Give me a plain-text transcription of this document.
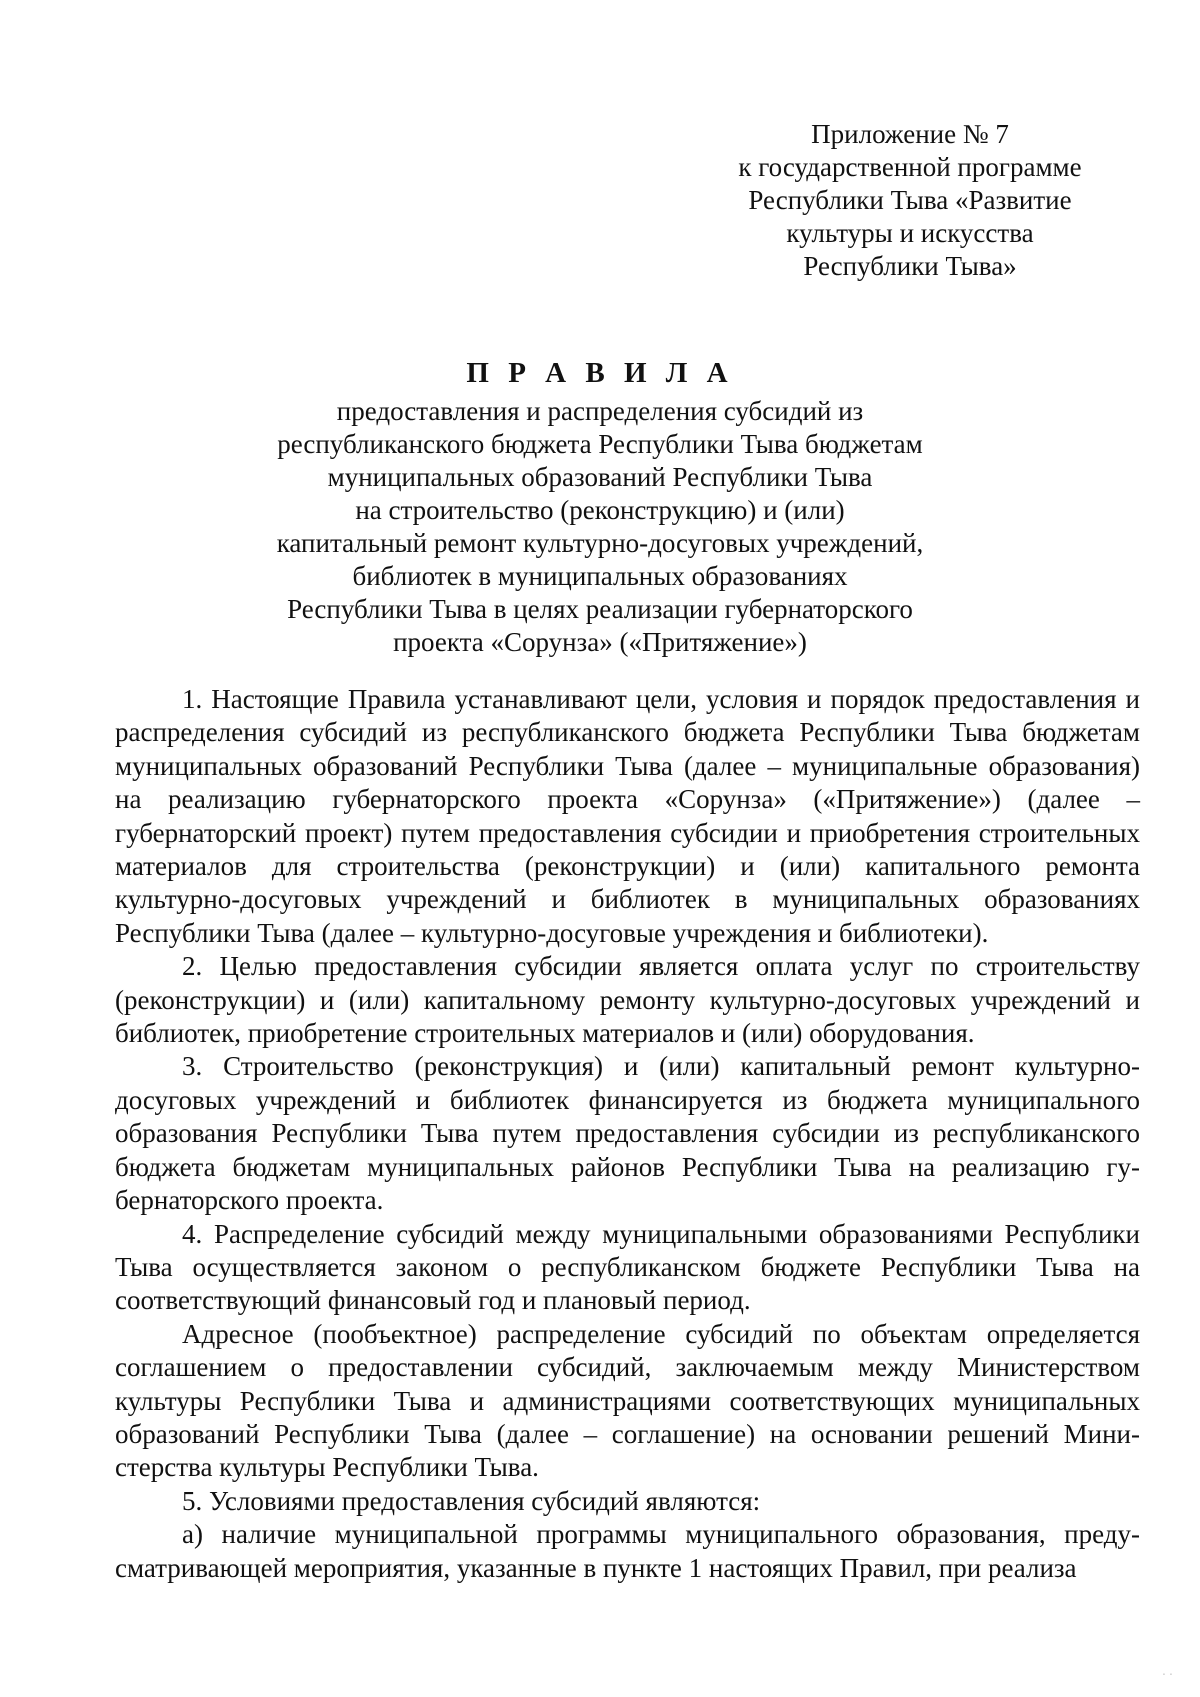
Приложение № 7
к государственной программе
Республики Тыва «Развитие
культуры и искусства
Республики Тыва»
П Р А В И Л А
предоставления и распределения субсидий из
республиканского бюджета Республики Тыва бюджетам
муниципальных образований Республики Тыва
на строительство (реконструкцию) и (или)
капитальный ремонт культурно-досуговых учреждений,
библиотек в муниципальных образованиях
Республики Тыва в целях реализации губернаторского
проекта «Сорунза» («Притяжение»)

1. Настоящие Правила устанавливают цели, условия и порядок предоставления и распределения субсидий из республиканского бюджета Республики Тыва бюджетам муниципальных образований Республики Тыва (далее – муниципальные образования) на реализацию губернаторского проекта «Сорунза» («Притяжение») (далее – губернаторский проект) путем предоставления субсидии и приобретения строительных материалов для строительства (реконструкции) и (или) капитального ремонта культурно-досуговых учреждений и библиотек в муниципальных образованиях Республики Тыва (далее – культурно-досуговые учреждения и библиотеки).

2. Целью предоставления субсидии является оплата услуг по строительству (реконструкции) и (или) капитальному ремонту культурно-досуговых учреждений и библиотек, приобретение строительных материалов и (или) оборудования.

3. Строительство (реконструкция) и (или) капитальный ремонт культурно-досуговых учреждений и библиотек финансируется из бюджета муниципального образования Республики Тыва путем предоставления субсидии из республиканского бюджета бюджетам муниципальных районов Республики Тыва на реализацию губернаторского проекта.

4. Распределение субсидий между муниципальными образованиями Республики Тыва осуществляется законом о республиканском бюджете Республики Тыва на соответствующий финансовый год и плановый период.

Адресное (пообъектное) распределение субсидий по объектам определяется соглашением о предоставлении субсидий, заключаемым между Министерством культуры Республики Тыва и администрациями соответствующих муниципальных образований Республики Тыва (далее – соглашение) на основании решений Министерства культуры Республики Тыва.

5. Условиями предоставления субсидий являются:

а) наличие муниципальной программы муниципального образования, предусматривающей мероприятия, указанные в пункте 1 настоящих Правил, при реализа

· ·
